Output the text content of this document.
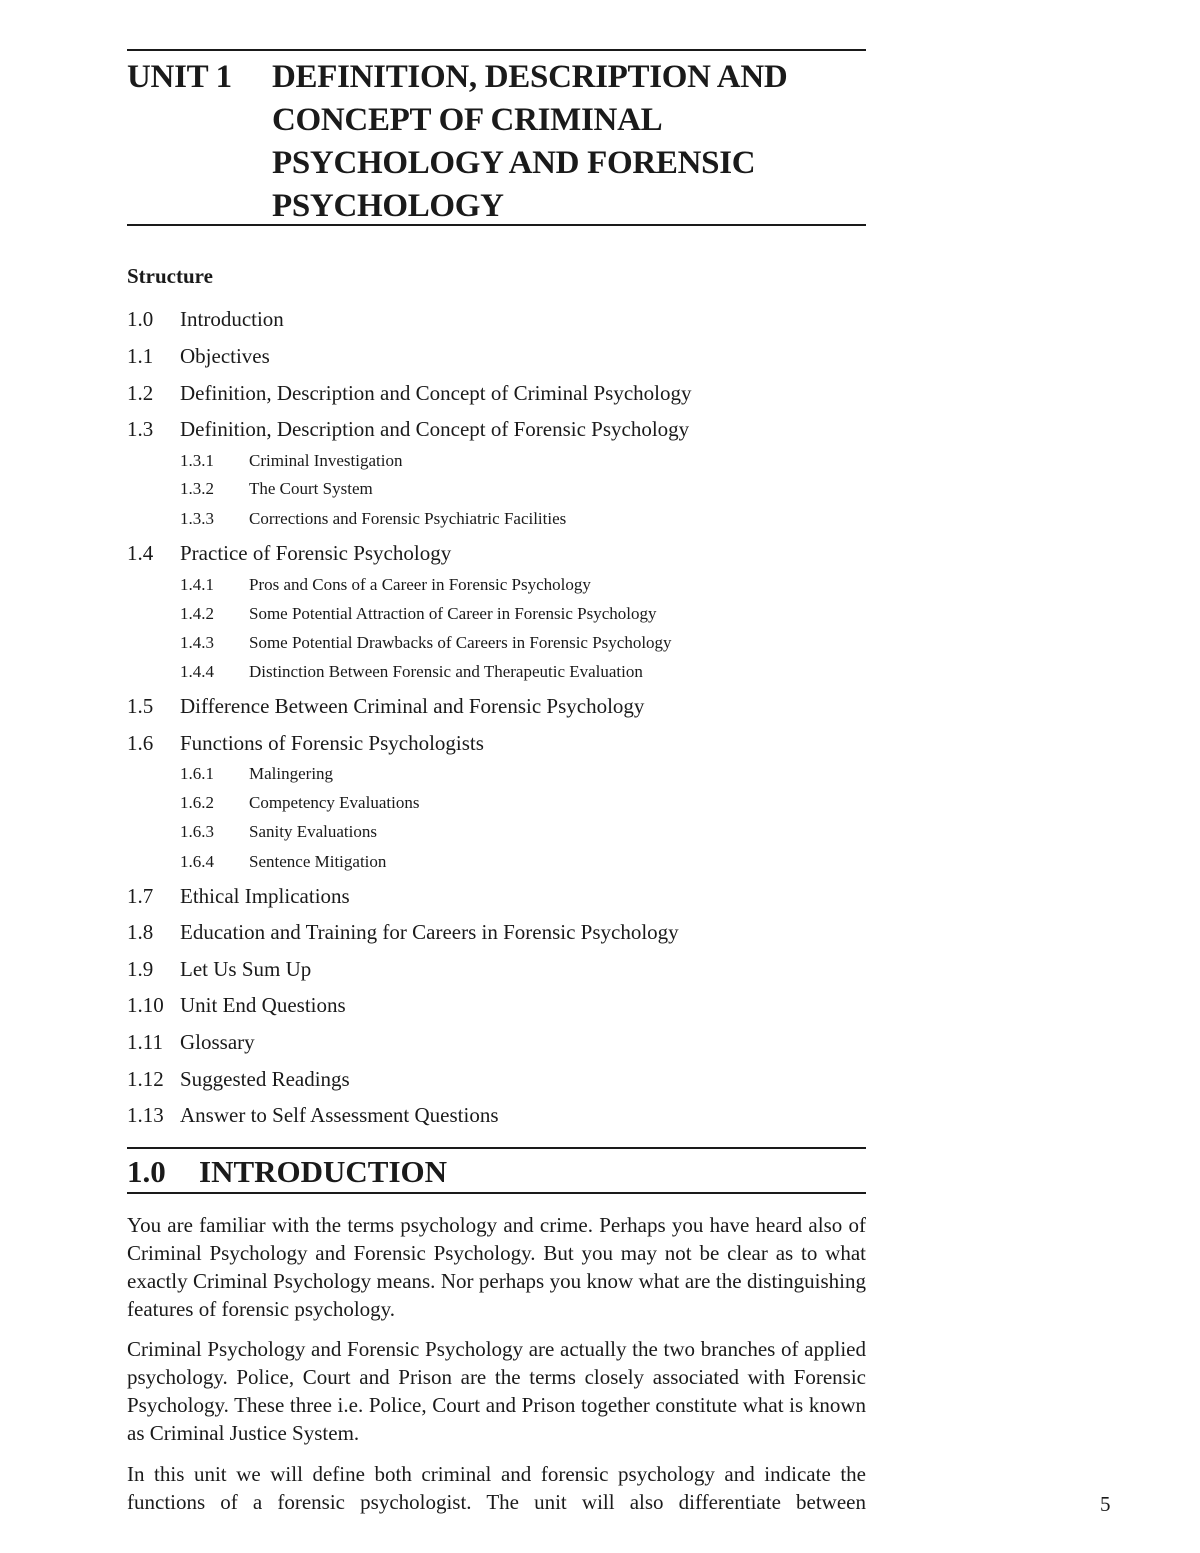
UNIT 1 DEFINITION, DESCRIPTION AND CONCEPT OF CRIMINAL PSYCHOLOGY AND FORENSIC PSYCHOLOGY
Structure
1.0 Introduction
1.1 Objectives
1.2 Definition, Description and Concept of Criminal Psychology
1.3 Definition, Description and Concept of Forensic Psychology
1.3.1 Criminal Investigation
1.3.2 The Court System
1.3.3 Corrections and Forensic Psychiatric Facilities
1.4 Practice of Forensic Psychology
1.4.1 Pros and Cons of a Career in Forensic Psychology
1.4.2 Some Potential Attraction of Career in Forensic Psychology
1.4.3 Some Potential Drawbacks of Careers in Forensic Psychology
1.4.4 Distinction Between Forensic and Therapeutic Evaluation
1.5 Difference Between Criminal and Forensic Psychology
1.6 Functions of Forensic Psychologists
1.6.1 Malingering
1.6.2 Competency Evaluations
1.6.3 Sanity Evaluations
1.6.4 Sentence Mitigation
1.7 Ethical Implications
1.8 Education and Training for Careers in Forensic Psychology
1.9 Let Us Sum Up
1.10 Unit End Questions
1.11 Glossary
1.12 Suggested Readings
1.13 Answer to Self Assessment Questions
1.0 INTRODUCTION

You are familiar with the terms psychology and crime. Perhaps you have heard also of Criminal Psychology and Forensic Psychology. But you may not be clear as to what exactly Criminal Psychology means. Nor perhaps you know what are the distinguishing features of forensic psychology.

Criminal Psychology and Forensic Psychology are actually the two branches of applied psychology. Police, Court and Prison are the terms closely associated with Forensic Psychology. These three i.e. Police, Court and Prison together constitute what is known as Criminal Justice System.

In this unit we will define both criminal and forensic psychology and indicate the functions of a forensic psychologist. The unit will also differentiate between	5
